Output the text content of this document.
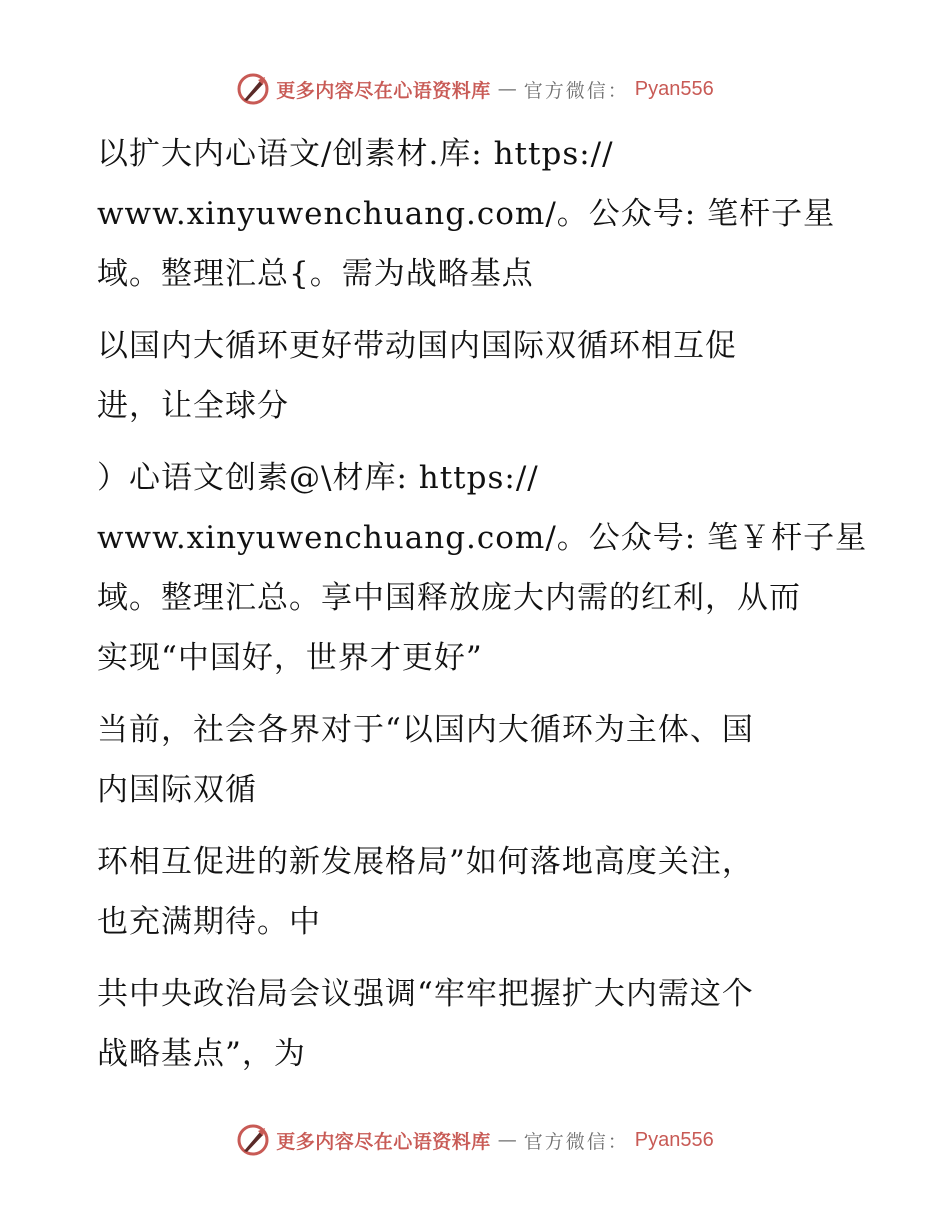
更多内容尽在心语资料库 — 官方微信： Pyan556

以扩大内心语文/创素材.库: https://
www.xinyuwenchuang.com/。公众号: 笔杆子星
域。整理汇总{。需为战略基点

以国内大循环更好带动国内国际双循环相互促
进，让全球分

）心语文创素@\材库: https://
www.xinyuwenchuang.com/。公众号: 笔￥杆子星
域。整理汇总。享中国释放庞大内需的红利，从而
实现“中国好，世界才更好”

当前，社会各界对于“以国内大循环为主体、国
内国际双循

环相互促进的新发展格局”如何落地高度关注，
也充满期待。中

共中央政治局会议强调“牢牢把握扩大内需这个
战略基点”，为

更多内容尽在心语资料库 — 官方微信： Pyan556
